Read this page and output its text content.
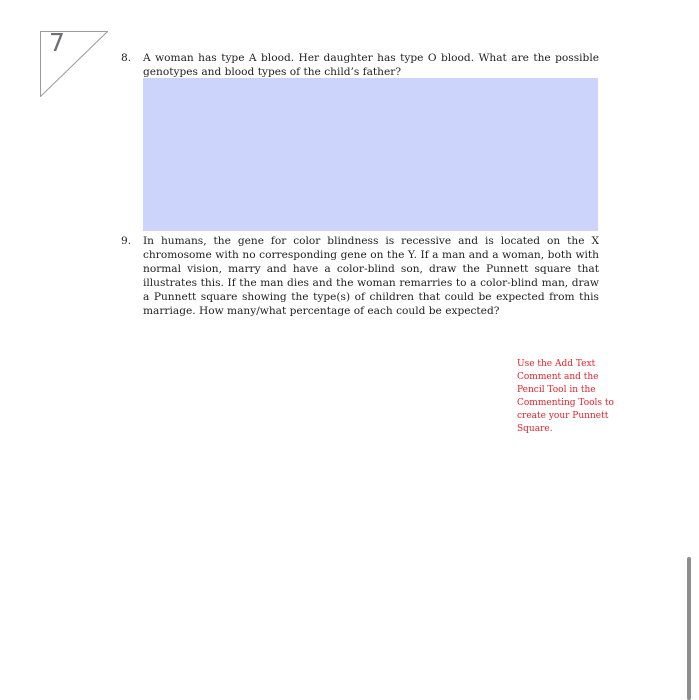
7
8.	A woman has type A blood. Her daughter has type O blood. What are the possible genotypes and blood types of the child’s father?
9.	In humans, the gene for color blindness is recessive and is located on the X chromosome with no corresponding gene on the Y. If a man and a woman, both with normal vision, marry and have a color-blind son, draw the Punnett square that illustrates this. If the man dies and the woman remarries to a color-blind man, draw a Punnett square showing the type(s) of children that could be expected from this marriage. How many/what percentage of each could be expected?
Use the Add Text Comment and the Pencil Tool in the Commenting Tools to create your Punnett Square.
